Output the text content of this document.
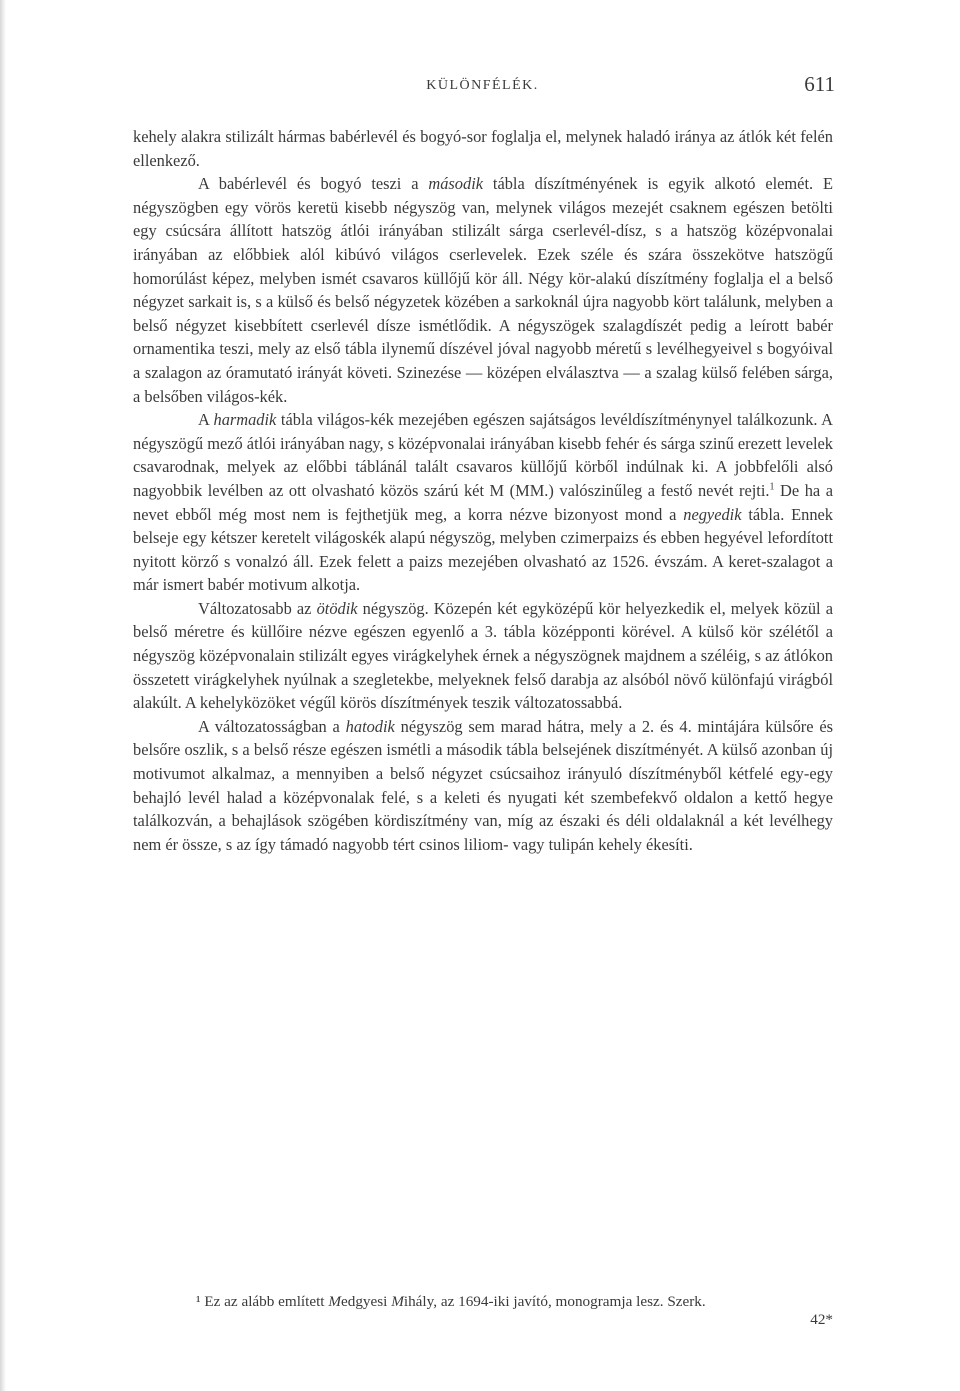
KÜLÖNFÉLÉK.	611

kehely alakra stilizált hármas babérlevél és bogyó-sor foglalja el, melynek haladó iránya az átlók két felén ellenkező.

A babérlevél és bogyó teszi a második tábla díszítményének is egyik alkotó elemét. E négyszögben egy vörös keretü kisebb négyszög van, melynek világos mezejét csaknem egészen betölti egy csúcsára állított hatszög átlói irányában stilizált sárga cserlevél-dísz, s a hatszög középvonalai irányában az előbbiek alól kibúvó világos cserlevelek. Ezek széle és szára összekötve hatszögű homorúlást képez, melyben ismét csavaros küllőjű kör áll. Négy kör-alakú díszítmény foglalja el a belső négyzet sarkait is, s a külső és belső négyzetek közében a sarkoknál újra nagyobb kört találunk, melyben a belső négyzet kisebbített cserlevél dísze ismétlődik. A négyszögek szalagdíszét pedig a leírott babér ornamentika teszi, mely az első tábla ilynemű díszével jóval nagyobb méretű s levélhegyeivel s bogyóival a szalagon az óramutató irányát követi. Szinezése — középen elválasztva — a szalag külső felében sárga, a belsőben világos-kék.

A harmadik tábla világos-kék mezejében egészen sajátságos levéldíszítménynyel találkozunk. A négyszögű mező átlói irányában nagy, s középvonalai irányában kisebb fehér és sárga szinű erezett levelek csavarodnak, melyek az előbbi táblánál talált csavaros küllőjű körből indúlnak ki. A jobbfelőli alsó nagyobbik levélben az ott olvasható közös szárú két M (MM.) valószinűleg a festő nevét rejti.$^1$ De ha a nevet ebből még most nem is fejthetjük meg, a korra nézve bizonyost mond a negyedik tábla. Ennek belseje egy kétszer keretelt világoskék alapú négyszög, melyben czimerpaizs és ebben hegyével lefordított nyitott körző s vonalzó áll. Ezek felett a paizs mezejében olvasható az 1526. évszám. A keret-szalagot a már ismert babér motivum alkotja.

Változatosabb az ötödik négyszög. Közepén két egyközépű kör helyezkedik el, melyek közül a belső méretre és küllőire nézve egészen egyenlő a 3. tábla középponti körével. A külső kör szélétől a négyszög középvonalain stilizált egyes virágkelyhek érnek a négyszögnek majdnem a széléig, s az átlókon összetett virágkelyhek nyúlnak a szegletekbe, melyeknek felső darabja az alsóból növő különfajú virágból alakúlt. A kehelyközöket végűl körös díszítmények teszik változatossabbá.

A változatosságban a hatodik négyszög sem marad hátra, mely a 2. és 4. mintájára külsőre és belsőre oszlik, s a belső része egészen ismétli a második tábla belsejének diszítményét. A külső azonban új motivumot alkalmaz, a mennyiben a belső négyzet csúcsaihoz irányuló díszítményből kétfelé egy-egy behajló levél halad a középvonalak felé, s a keleti és nyugati két szembefekvő oldalon a kettő hegye találkozván, a behajlások szögében kördiszítmény van, míg az északi és déli oldalaknál a két levélhegy nem ér össze, s az így támadó nagyobb tért csinos liliom- vagy tulipán kehely ékesíti.

¹ Ez az alább említett Medgyesi Mihály, az 1694-iki javító, monogramja lesz. Szerk.

42*
